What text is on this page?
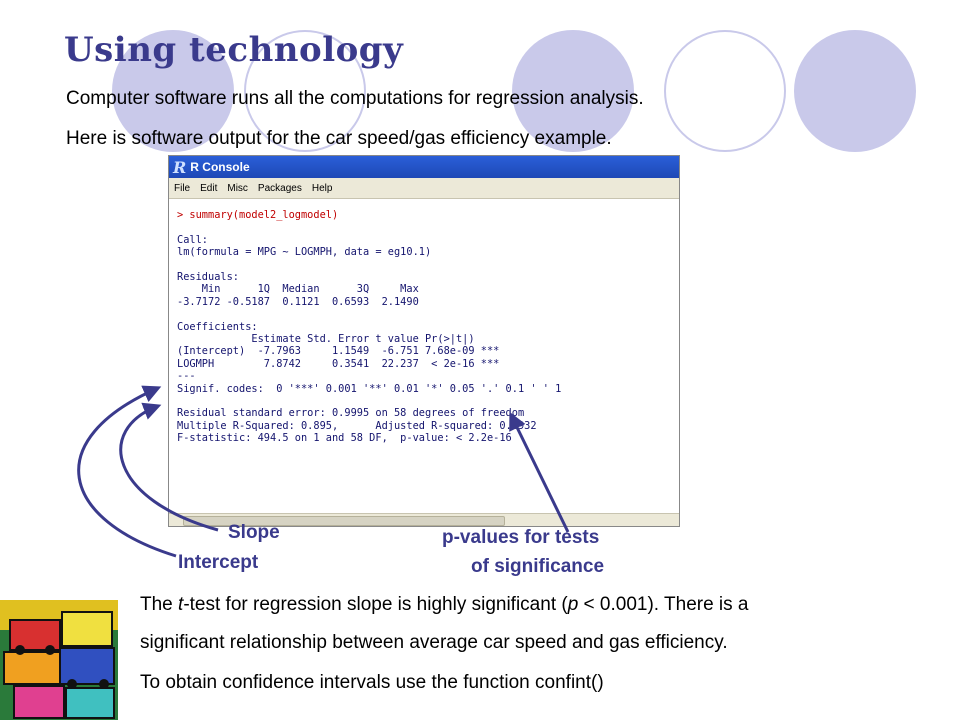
Using technology
Computer software runs all the computations for regression analysis.
Here is software output for the car speed/gas efficiency example.
R R Console
File	Edit	Misc	Packages	Help
> summary(model2_logmodel)
Call:
lm(formula = MPG ~ LOGMPH, data = eg10.1)
Residuals:
Min      1Q  Median      3Q     Max
-3.7172 -0.5187  0.1121  0.6593  2.1490
Coefficients:
Estimate Std. Error t value Pr(>|t|)
(Intercept)  -7.7963     1.1549  -6.751 7.68e-09 ***
LOGMPH        7.8742     0.3541  22.237  < 2e-16 ***
---
Signif. codes:  0 '***' 0.001 '**' 0.01 '*' 0.05 '.' 0.1 ' ' 1
Residual standard error: 0.9995 on 58 degrees of freedom
Multiple R-Squared: 0.895,      Adjusted R-squared: 0.8932
F-statistic: 494.5 on 1 and 58 DF,  p-value: < 2.2e-16
Slope
Intercept
p-values for tests
of significance
The t-test for regression slope is highly significant (p < 0.001). There is a
significant relationship between average car speed and gas efficiency.
To obtain confidence intervals use the function confint()
